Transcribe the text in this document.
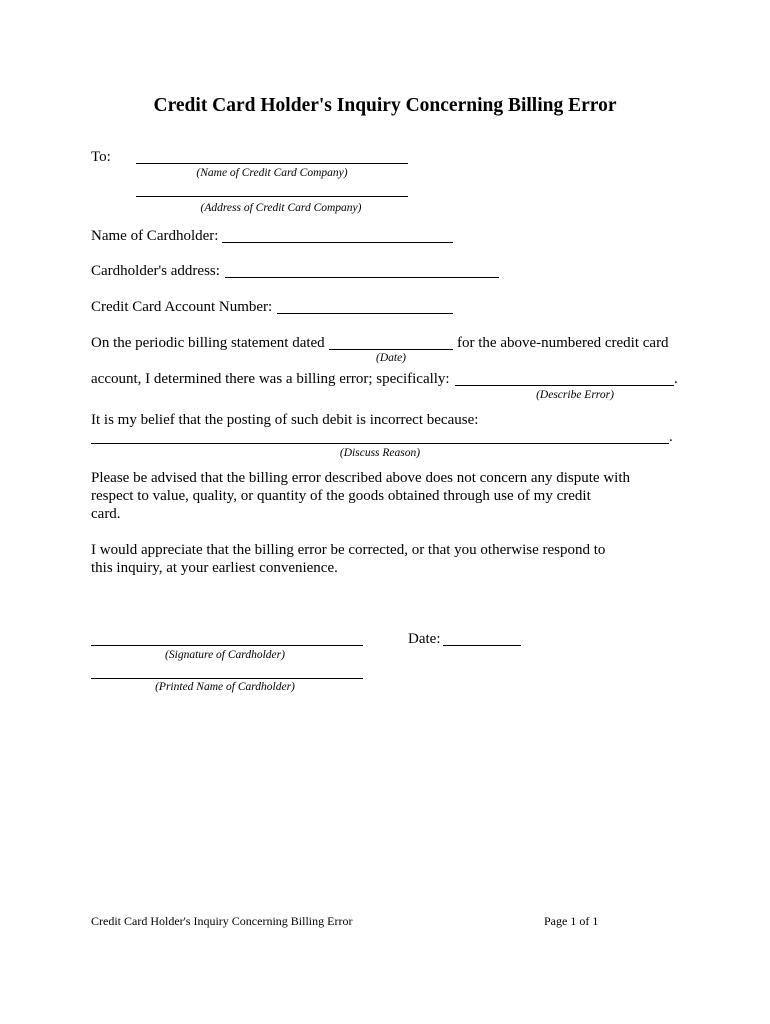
Credit Card Holder's Inquiry Concerning Billing Error
To:
(Name of Credit Card Company)
(Address of Credit Card Company)
Name of Cardholder:
Cardholder's address:
Credit Card Account Number:
On the periodic billing statement dated	for the above-numbered credit card
(Date)
account, I determined there was a billing error; specifically:	.
(Describe Error)
It is my belief that the posting of such debit is incorrect because:
.
(Discuss Reason)
Please be advised that the billing error described above does not concern any dispute with
respect to value, quality, or quantity of the goods obtained through use of my credit
card.
I would appreciate that the billing error be corrected, or that you otherwise respond to
this inquiry, at your earliest convenience.
(Signature of Cardholder)
Date:
(Printed Name of Cardholder)
Credit Card Holder's Inquiry Concerning Billing Error	Page 1 of 1
